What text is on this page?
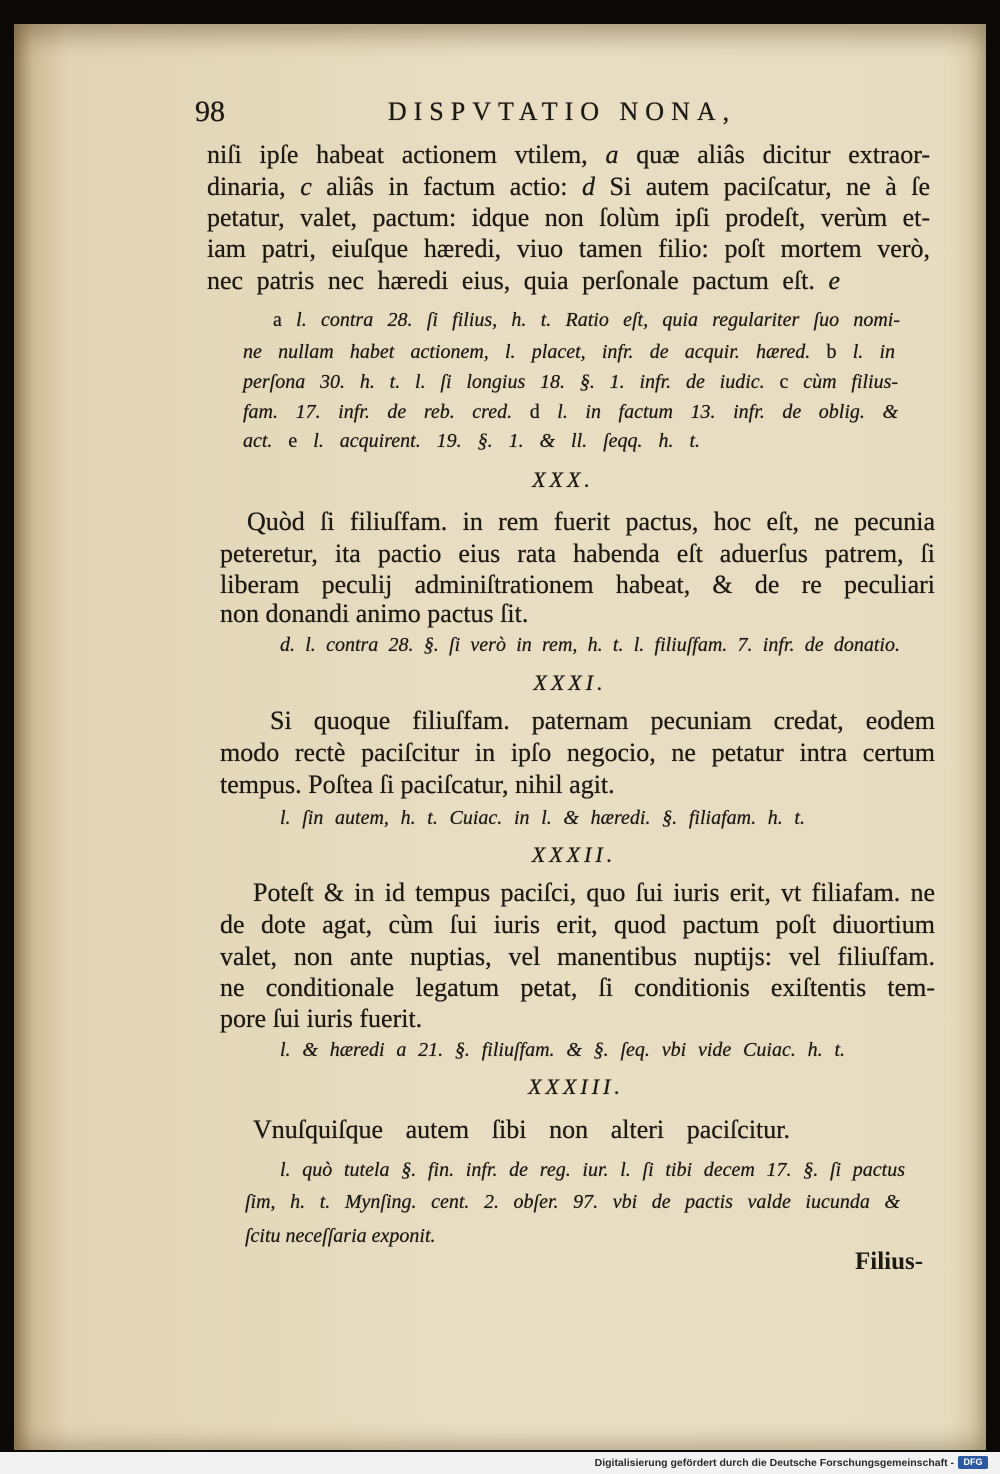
98	DISPVTATIO NONA,
niſi ipſe habeat actionem vtilem, a quæ aliâs dicitur extraor-
dinaria, c aliâs in factum actio: d Si autem paciſcatur, ne à ſe
petatur, valet, pactum: idque non ſolùm ipſi prodeſt, verùm et-
iam patri, eiuſque hæredi, viuo tamen filio: poſt mortem verò,
nec patris nec hæredi eius, quia perſonale pactum eſt. e
a l. contra 28. ſi filius, h. t. Ratio eſt, quia regulariter ſuo nomi-
ne nullam habet actionem, l. placet, infr. de acquir. hæred. b l. in
perſona 30. h. t. l. ſi longius 18. §. 1. infr. de iudic. c cùm filius-
fam. 17. infr. de reb. cred. d l. in factum 13. infr. de oblig. &
act. e l. acquirent. 19. §. 1. & ll. ſeqq. h. t.
XXX.
Quòd ſi filiuſfam. in rem fuerit pactus, hoc eſt, ne pecunia
peteretur, ita pactio eius rata habenda eſt aduerſus patrem, ſi
liberam peculij adminiſtrationem habeat, & de re peculiari
non donandi animo pactus ſit.
d. l. contra 28. §. ſi verò in rem, h. t. l. filiuſfam. 7. infr. de donatio.
XXXI.
Si quoque filiuſfam. paternam pecuniam credat, eodem
modo rectè paciſcitur in ipſo negocio, ne petatur intra certum
tempus. Poſtea ſi paciſcatur, nihil agit.
l. ſin autem, h. t. Cuiac. in l. & hæredi. §. filiafam. h. t.
XXXII.
Poteſt & in id tempus paciſci, quo ſui iuris erit, vt filiafam. ne
de dote agat, cùm ſui iuris erit, quod pactum poſt diuortium
valet, non ante nuptias, vel manentibus nuptijs: vel filiuſfam.
ne conditionale legatum petat, ſi conditionis exiſtentis tem-
pore ſui iuris fuerit.
l. & hæredi a 21. §. filiuſfam. & §. ſeq. vbi vide Cuiac. h. t.
XXXIII.
Vnuſquiſque autem ſibi non alteri paciſcitur.
l. quò tutela §. fin. infr. de reg. iur. l. ſi tibi decem 17. §. ſi pactus
ſim, h. t. Mynſing. cent. 2. obſer. 97. vbi de pactis valde iucunda &
ſcitu neceſſaria exponit.
Filius-
Digitalisierung gefördert durch die Deutsche Forschungsgemeinschaft -	DFG
